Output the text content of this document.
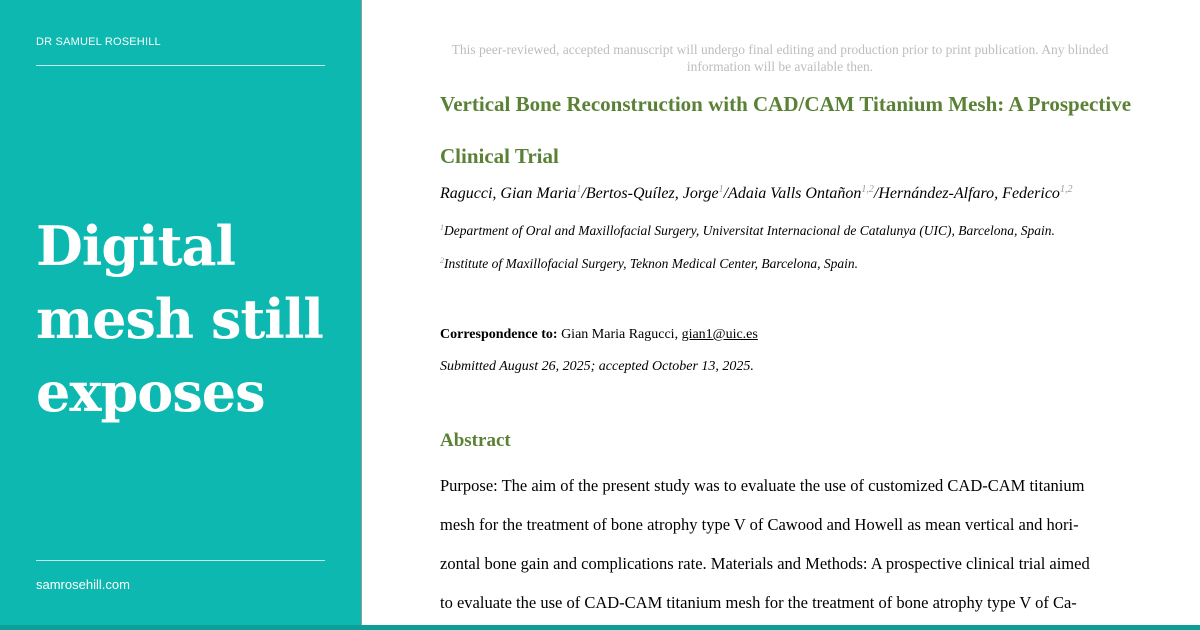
DR SAMUEL ROSEHILL
Digital mesh still exposes
samrosehill.com
This peer-reviewed, accepted manuscript will undergo final editing and production prior to print publication. Any blinded information will be available then.
Vertical Bone Reconstruction with CAD/CAM Titanium Mesh: A Prospective Clinical Trial
Ragucci, Gian Maria$^1$/Bertos-Quílez, Jorge$^1$/Adaia Valls Ontañon$^{1,2}$/Hernández-Alfaro, Federico$^{1,2}$
$^1$Department of Oral and Maxillofacial Surgery, Universitat Internacional de Catalunya (UIC), Barcelona, Spain.
$^2$Institute of Maxillofacial Surgery, Teknon Medical Center, Barcelona, Spain.
Correspondence to: Gian Maria Ragucci, gian1@uic.es
Submitted August 26, 2025; accepted October 13, 2025.
Abstract
Purpose: The aim of the present study was to evaluate the use of customized CAD-CAM titanium
mesh for the treatment of bone atrophy type V of Cawood and Howell as mean vertical and hori-
zontal bone gain and complications rate. Materials and Methods: A prospective clinical trial aimed
to evaluate the use of CAD-CAM titanium mesh for the treatment of bone atrophy type V of Ca-
